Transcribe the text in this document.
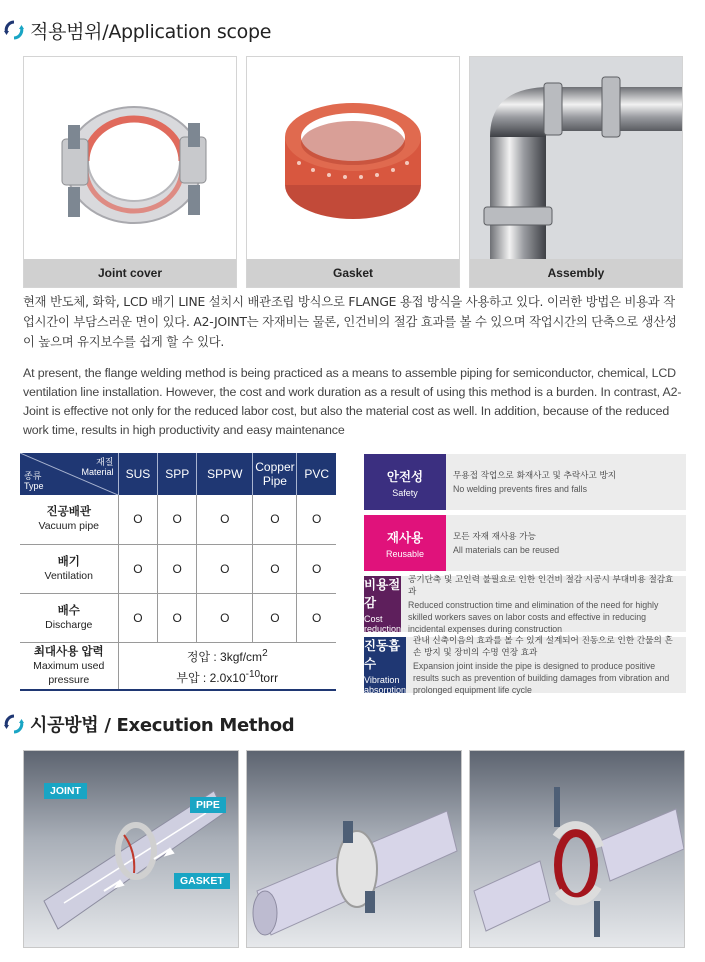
적용범위/Application scope
Joint cover	Gasket	Assembly

현재 반도체, 화학, LCD 배기 LINE 설치시 배관조립 방식으로 FLANGE 용접 방식을 사용하고 있다. 이러한 방법은 비용과 작업시간이 부담스러운 면이 있다. A2-JOINT는 자재비는 물론, 인건비의 절감 효과를 볼 수 있으며 작업시간의 단축으로 생산성이 높으며 유지보수를 쉽게 할 수 있다.

At present, the flange welding method is being practiced as a means to assemble piping for semiconductor, chemical, LCD ventilation line installation. However, the cost and work duration as a result of using this method is a burden. In contrast, A2-Joint is effective not only for the reduced labor cost, but also the material cost as well. In addition, because of the reduced work time, results in high productivity and easy maintenance

재질
Material
종류
Type	SUS	SPP	SPPW	Copper Pipe	PVC

진공배관
Vacuum pipe	O	O	O	O	O

배기
Ventilation	O	O	O	O	O

배수
Discharge	O	O	O	O	O

최대사용 압력
Maximum used pressure	정압 : $3kgf/cm^2$
부압 : $2.0x10^{-10}torr$				
안전성
Safety
무용접 작업으로 화재사고 및 추락사고 방지
No welding prevents fires and falls
재사용
Reusable
모든 자재 재사용 가능
All materials can be reused
비용절감
Cost reduction
공기단축 및 고인력 불필요로 인한 인건비 절감 시공시 부대비용 절감효과
Reduced construction time and elimination of the need for highly skilled workers saves on labor costs and effective in reducing incidental expenses during construction
진동흡수
Vibration absorption
관내 신축이음의 효과를 볼 수 있게 설계되어 진동으로 인한 간물의 흔손 방지 및 장비의 수명 연장 효과
Expansion joint inside the pipe is designed to produce positive results such as prevention of building damages from vibration and prolonged equipment life cycle
시공방법 / Execution Method
JOINT
PIPE
GASKET
